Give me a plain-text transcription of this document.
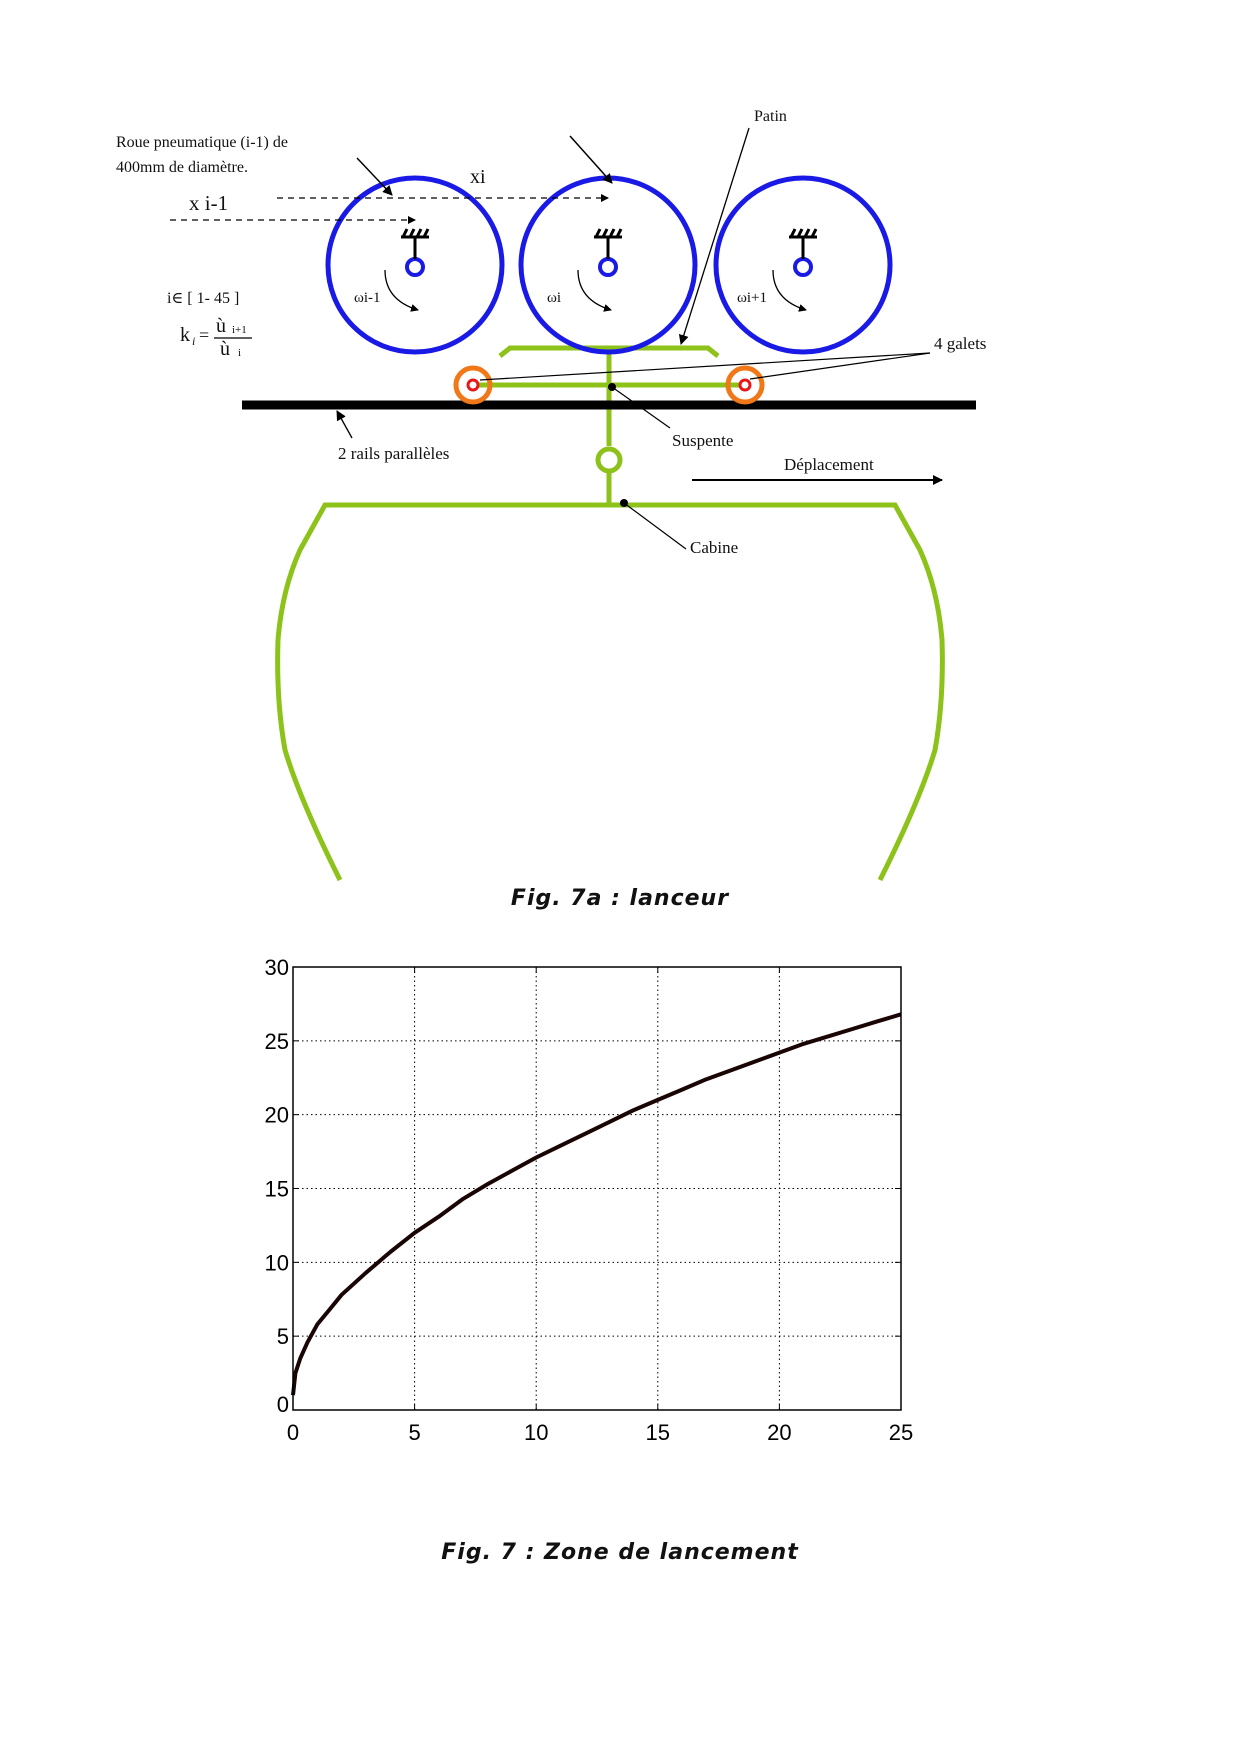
Roue pneumatique (i-1) de
400mm de diamètre.
x i-1
xi
Patin
i∈ [ 1- 45 ]
k i = ù i+1
ù i
ωi-1	ωi	ωi+1
4 galets
Suspente
2 rails parallèles
Déplacement
Cabine
Fig. 7a : lanceur
0	5	10	15	20	25
0
5
10
15
20
25
30
Fig. 7 : Zone de lancement
